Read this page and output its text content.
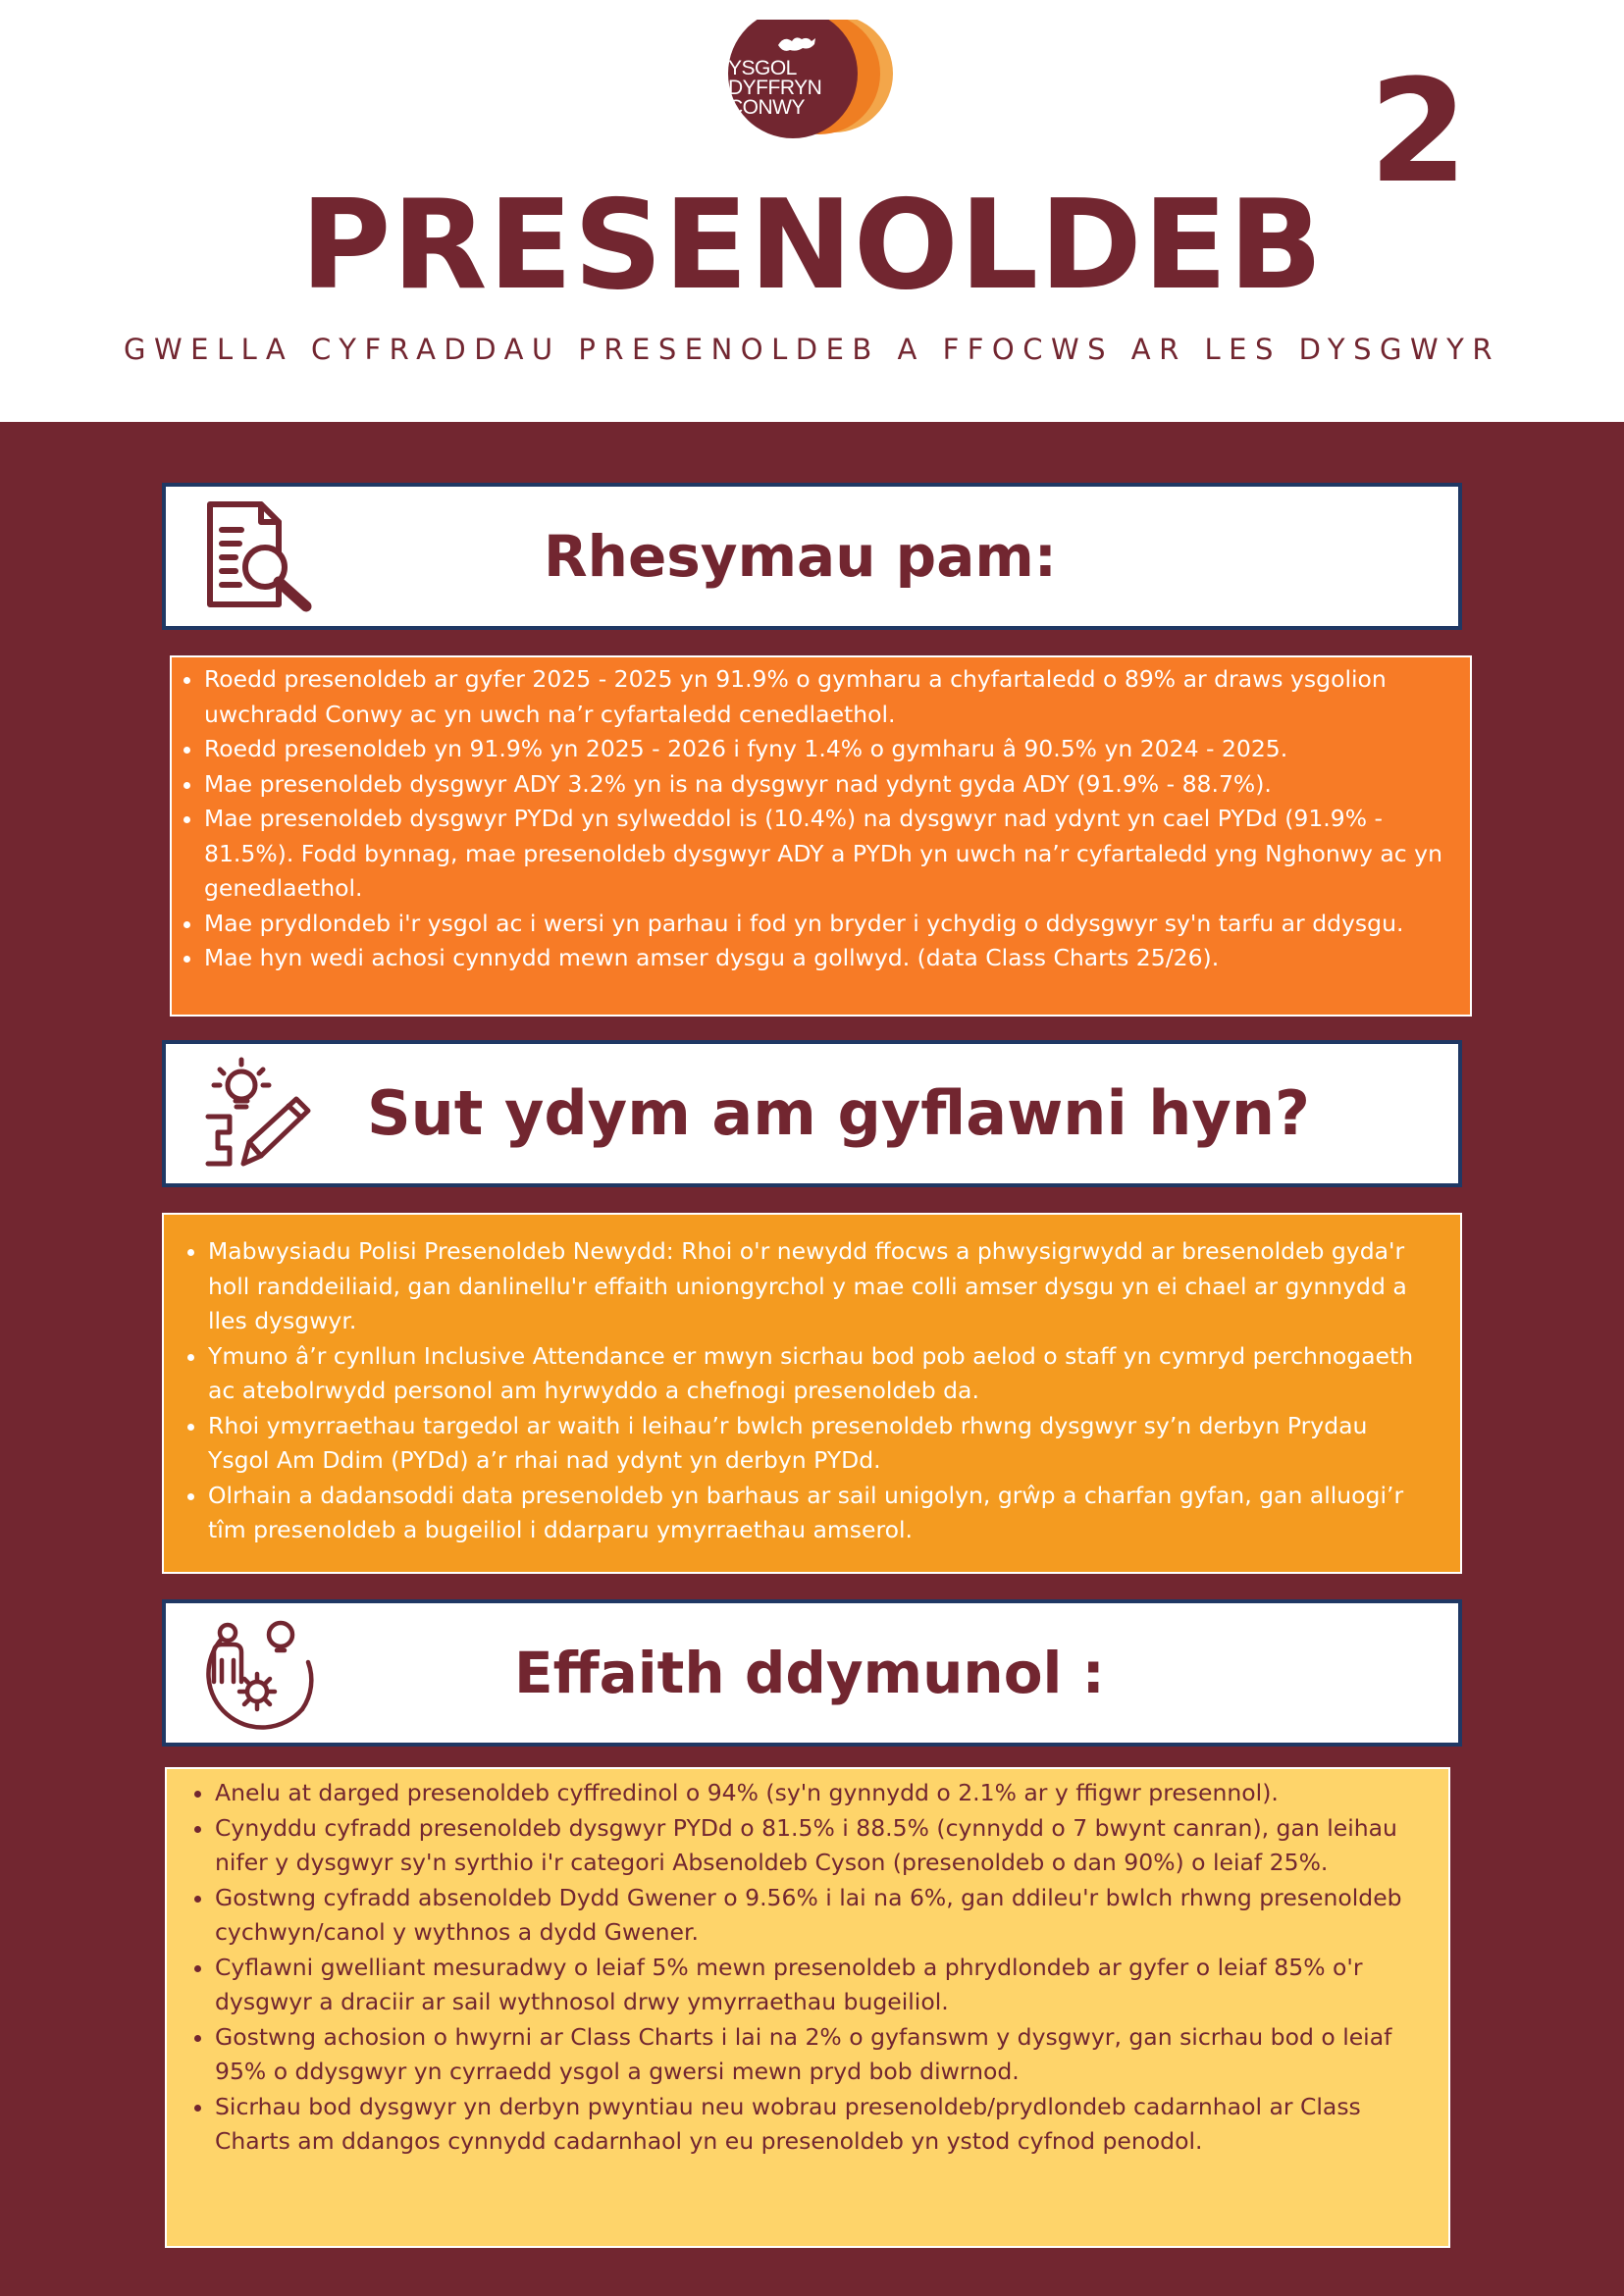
YSGOL
DYFFRYN
CONWY	2
PRESENOLDEB
GWELLA CYFRADDAU PRESENOLDEB A FFOCWS AR LES DYSGWYR
Rhesymau pam:
• Roedd presenoldeb ar gyfer 2025 - 2025 yn 91.9% o gymharu a chyfartaledd o 89% ar draws ysgolion uwchradd Conwy ac yn uwch na’r cyfartaledd cenedlaethol.
• Roedd presenoldeb yn 91.9% yn 2025 - 2026 i fyny 1.4% o gymharu â 90.5% yn 2024 - 2025.
• Mae presenoldeb dysgwyr ADY 3.2% yn is na dysgwyr nad ydynt gyda ADY (91.9% - 88.7%).
• Mae presenoldeb dysgwyr PYDd yn sylweddol is (10.4%) na dysgwyr nad ydynt yn cael PYDd (91.9% - 81.5%). Fodd bynnag, mae presenoldeb dysgwyr ADY a PYDh yn uwch na’r cyfartaledd yng Nghonwy ac yn genedlaethol.
• Mae prydlondeb i'r ysgol ac i wersi yn parhau i fod yn bryder i ychydig o ddysgwyr sy'n tarfu ar ddysgu.
• Mae hyn wedi achosi cynnydd mewn amser dysgu a gollwyd. (data Class Charts 25/26).
Sut ydym am gyflawni hyn?
• Mabwysiadu Polisi Presenoldeb Newydd: Rhoi o'r newydd ffocws a phwysigrwydd ar bresenoldeb gyda'r holl randdeiliaid, gan danlinellu'r effaith uniongyrchol y mae colli amser dysgu yn ei chael ar gynnydd a lles dysgwyr.
• Ymuno â’r cynllun Inclusive Attendance er mwyn sicrhau bod pob aelod o staff yn cymryd perchnogaeth ac atebolrwydd personol am hyrwyddo a chefnogi presenoldeb da.
• Rhoi ymyrraethau targedol ar waith i leihau’r bwlch presenoldeb rhwng dysgwyr sy’n derbyn Prydau Ysgol Am Ddim (PYDd) a’r rhai nad ydynt yn derbyn PYDd.
• Olrhain a dadansoddi data presenoldeb yn barhaus ar sail unigolyn, grŵp a charfan gyfan, gan alluogi’r tîm presenoldeb a bugeiliol i ddarparu ymyrraethau amserol.
Effaith ddymunol :
• Anelu at darged presenoldeb cyffredinol o 94% (sy'n gynnydd o 2.1% ar y ffigwr presennol).
• Cynyddu cyfradd presenoldeb dysgwyr PYDd o 81.5% i 88.5% (cynnydd o 7 bwynt canran), gan leihau nifer y dysgwyr sy'n syrthio i'r categori Absenoldeb Cyson (presenoldeb o dan 90%) o leiaf 25%.
• Gostwng cyfradd absenoldeb Dydd Gwener o 9.56% i lai na 6%, gan ddileu'r bwlch rhwng presenoldeb cychwyn/canol y wythnos a dydd Gwener.
• Cyflawni gwelliant mesuradwy o leiaf 5% mewn presenoldeb a phrydlondeb ar gyfer o leiaf 85% o'r dysgwyr a draciir ar sail wythnosol drwy ymyrraethau bugeiliol.
• Gostwng achosion o hwyrni ar Class Charts i lai na 2% o gyfanswm y dysgwyr, gan sicrhau bod o leiaf 95% o ddysgwyr yn cyrraedd ysgol a gwersi mewn pryd bob diwrnod.
• Sicrhau bod dysgwyr yn derbyn pwyntiau neu wobrau presenoldeb/prydlondeb cadarnhaol ar Class Charts am ddangos cynnydd cadarnhaol yn eu presenoldeb yn ystod cyfnod penodol.
